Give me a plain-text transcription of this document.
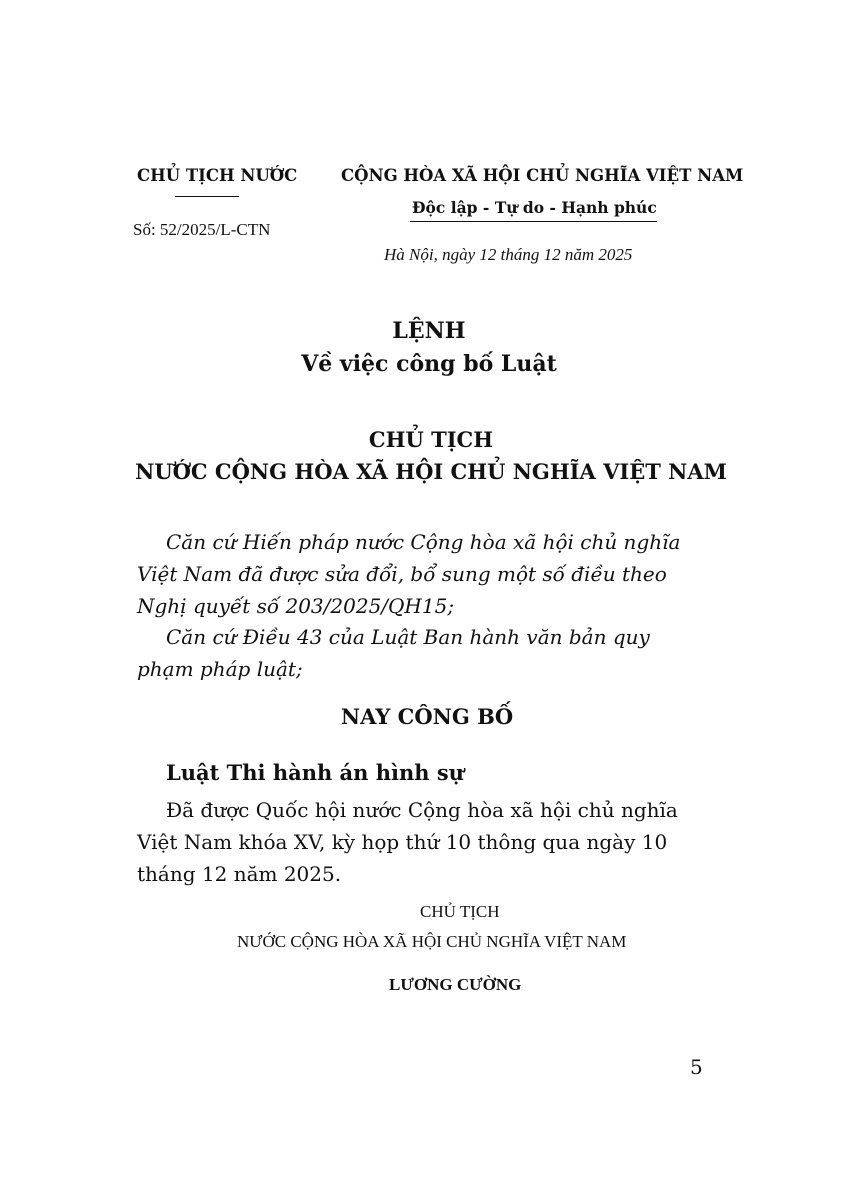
CHỦ TỊCH NƯỚC
Số: 52/2025/L-CTN
CỘNG HÒA XÃ HỘI CHỦ NGHĨA VIỆT NAM
Độc lập - Tự do - Hạnh phúc
Hà Nội, ngày 12 tháng 12 năm 2025
LỆNH
Về việc công bố Luật
CHỦ TỊCH
NƯỚC CỘNG HÒA XÃ HỘI CHỦ NGHĨA VIỆT NAM
Căn cứ Hiến pháp nước Cộng hòa xã hội chủ nghĩa Việt Nam đã được sửa đổi, bổ sung một số điều theo Nghị quyết số 203/2025/QH15;
Căn cứ Điều 43 của Luật Ban hành văn bản quy phạm pháp luật;
NAY CÔNG BỐ
Luật Thi hành án hình sự
Đã được Quốc hội nước Cộng hòa xã hội chủ nghĩa Việt Nam khóa XV, kỳ họp thứ 10 thông qua ngày 10 tháng 12 năm 2025.
CHỦ TỊCH
NƯỚC CỘNG HÒA XÃ HỘI CHỦ NGHĨA VIỆT NAM
LƯƠNG CƯỜNG
5
